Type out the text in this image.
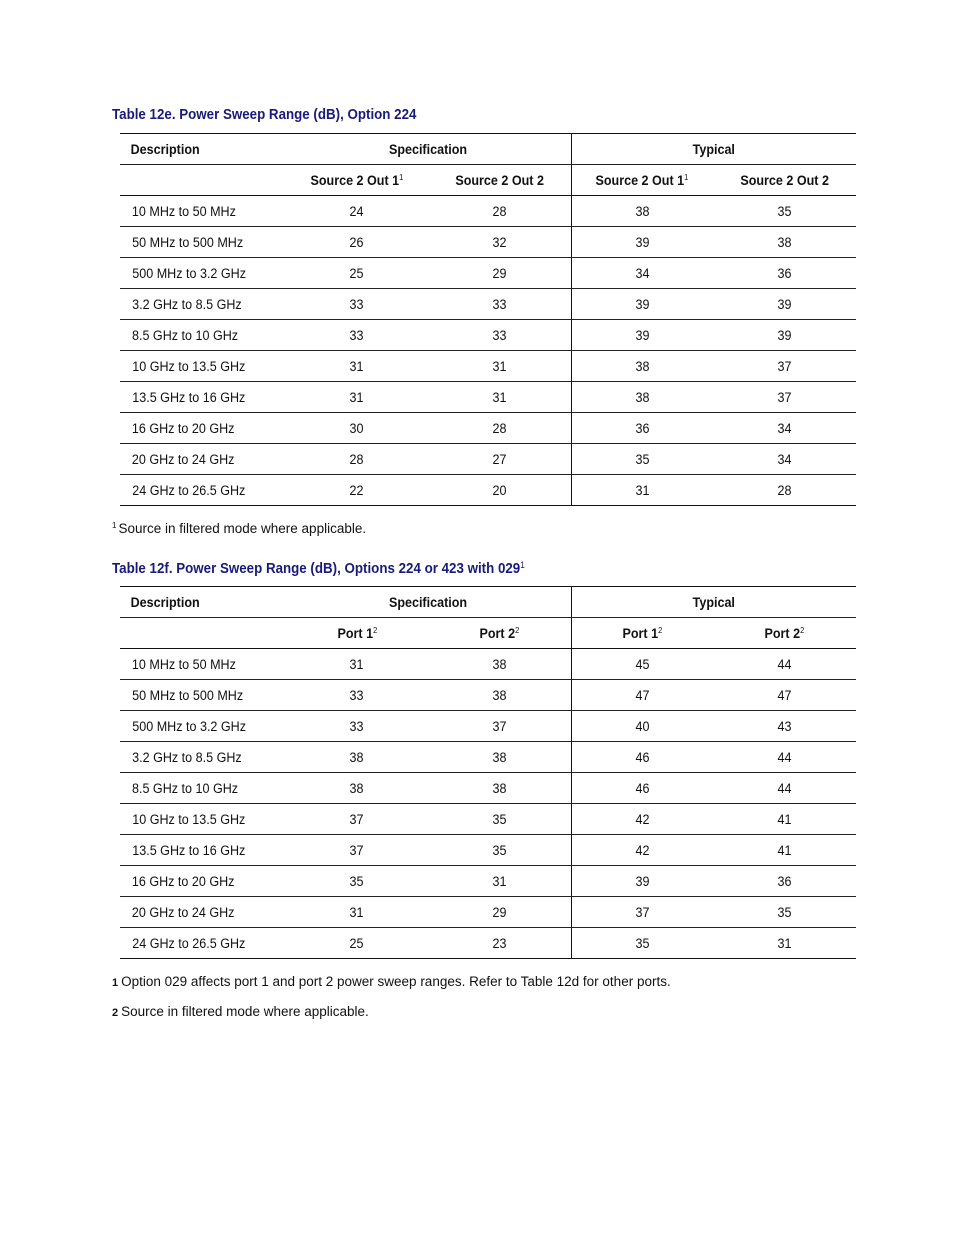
Table 12e. Power Sweep Range (dB), Option 224
Description	Specification		Typical	
	Source 2 Out $1^1$	Source 2 Out 2	Source 2 Out $1^1$	Source 2 Out 2
10 MHz to 50 MHz	24	28	38	35
50 MHz to 500 MHz	26	32	39	38
500 MHz to 3.2 GHz	25	29	34	36
3.2 GHz to 8.5 GHz	33	33	39	39
8.5 GHz to 10 GHz	33	33	39	39
10 GHz to 13.5 GHz	31	31	38	37
13.5 GHz to 16 GHz	31	31	38	37
16 GHz to 20 GHz	30	28	36	34
20 GHz to 24 GHz	28	27	35	34
24 GHz to 26.5 GHz	22	20	31	28
$^1$ Source in filtered mode where applicable.
Table 12f. Power Sweep Range (dB), Options 224 or 423 with $029^1$
Description	Specification		Typical	
	Port $1^2$	Port $2^2$	Port $1^2$	Port $2^2$
10 MHz to 50 MHz	31	38	45	44
50 MHz to 500 MHz	33	38	47	47
500 MHz to 3.2 GHz	33	37	40	43
3.2 GHz to 8.5 GHz	38	38	46	44
8.5 GHz to 10 GHz	38	38	46	44
10 GHz to 13.5 GHz	37	35	42	41
13.5 GHz to 16 GHz	37	35	42	41
16 GHz to 20 GHz	35	31	39	36
20 GHz to 24 GHz	31	29	37	35
24 GHz to 26.5 GHz	25	23	35	31
1 Option 029 affects port 1 and port 2 power sweep ranges. Refer to Table 12d for other ports.
2 Source in filtered mode where applicable.
